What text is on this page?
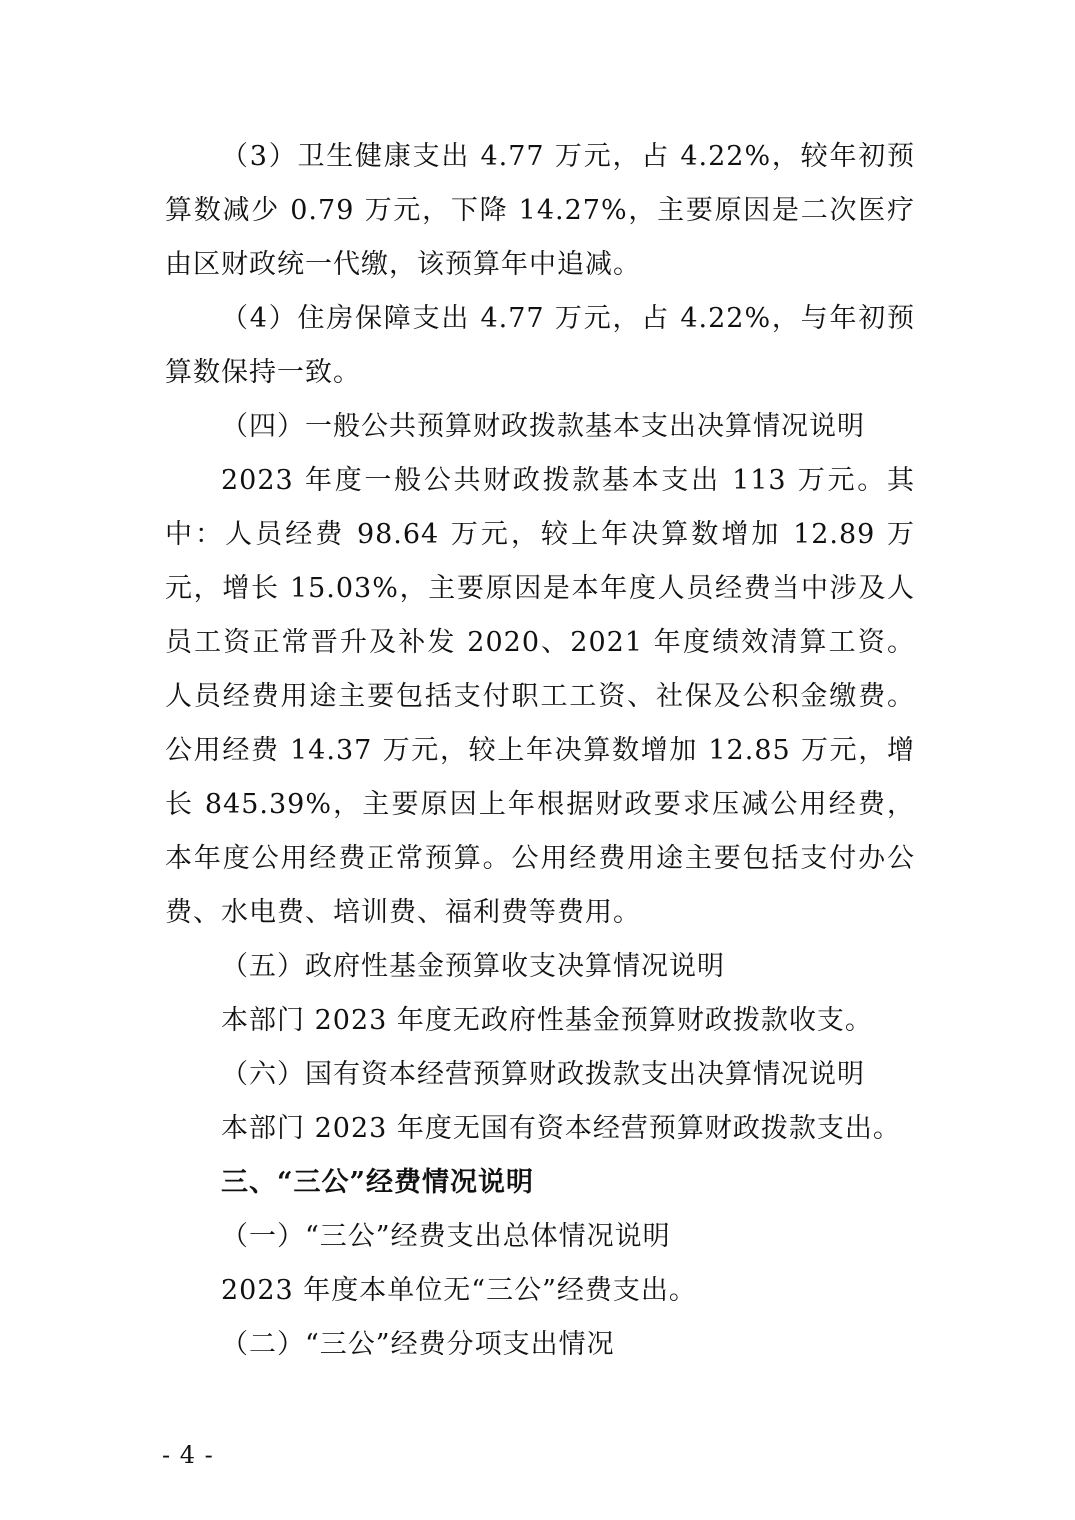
（3）卫生健康支出 4.77 万元，占 4.22%，较年初预算数减少 0.79 万元，下降 14.27%，主要原因是二次医疗由区财政统一代缴，该预算年中追减。

（4）住房保障支出 4.77 万元，占 4.22%，与年初预算数保持一致。

（四）一般公共预算财政拨款基本支出决算情况说明

2023 年度一般公共财政拨款基本支出 113 万元。其中：人员经费 98.64 万元，较上年决算数增加 12.89 万元，增长 15.03%，主要原因是本年度人员经费当中涉及人员工资正常晋升及补发 2020、2021 年度绩效清算工资。人员经费用途主要包括支付职工工资、社保及公积金缴费。公用经费 14.37 万元，较上年决算数增加 12.85 万元，增长 845.39%，主要原因上年根据财政要求压减公用经费，本年度公用经费正常预算。公用经费用途主要包括支付办公费、水电费、培训费、福利费等费用。

（五）政府性基金预算收支决算情况说明

本部门 2023 年度无政府性基金预算财政拨款收支。

（六）国有资本经营预算财政拨款支出决算情况说明

本部门 2023 年度无国有资本经营预算财政拨款支出。

三、“三公”经费情况说明

（一）“三公”经费支出总体情况说明

2023 年度本单位无“三公”经费支出。

（二）“三公”经费分项支出情况

- 4 -
